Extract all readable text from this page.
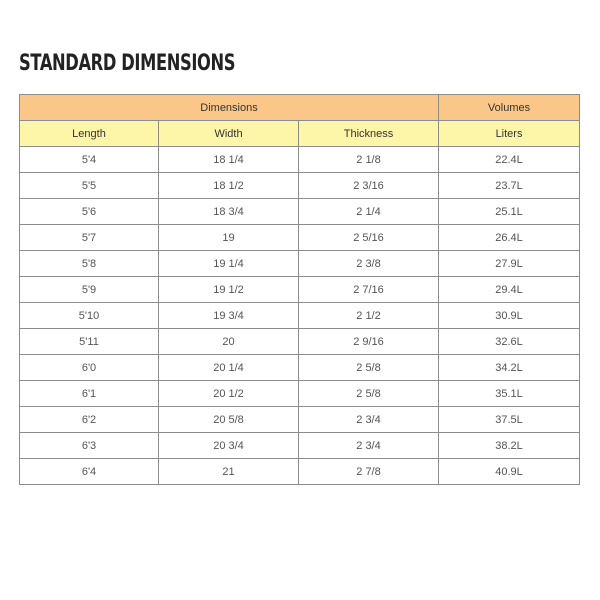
STANDARD DIMENSIONS
Dimensions			Volumes
Length	Width	Thickness	Liters
5'4	18 1/4	2 1/8	22.4L
5'5	18 1/2	2 3/16	23.7L
5'6	18 3/4	2 1/4	25.1L
5'7	19	2 5/16	26.4L
5'8	19 1/4	2 3/8	27.9L
5'9	19 1/2	2 7/16	29.4L
5'10	19 3/4	2 1/2	30.9L
5'11	20	2 9/16	32.6L
6'0	20 1/4	2 5/8	34.2L
6'1	20 1/2	2 5/8	35.1L
6'2	20 5/8	2 3/4	37.5L
6'3	20 3/4	2 3/4	38.2L
6'4	21	2 7/8	40.9L
